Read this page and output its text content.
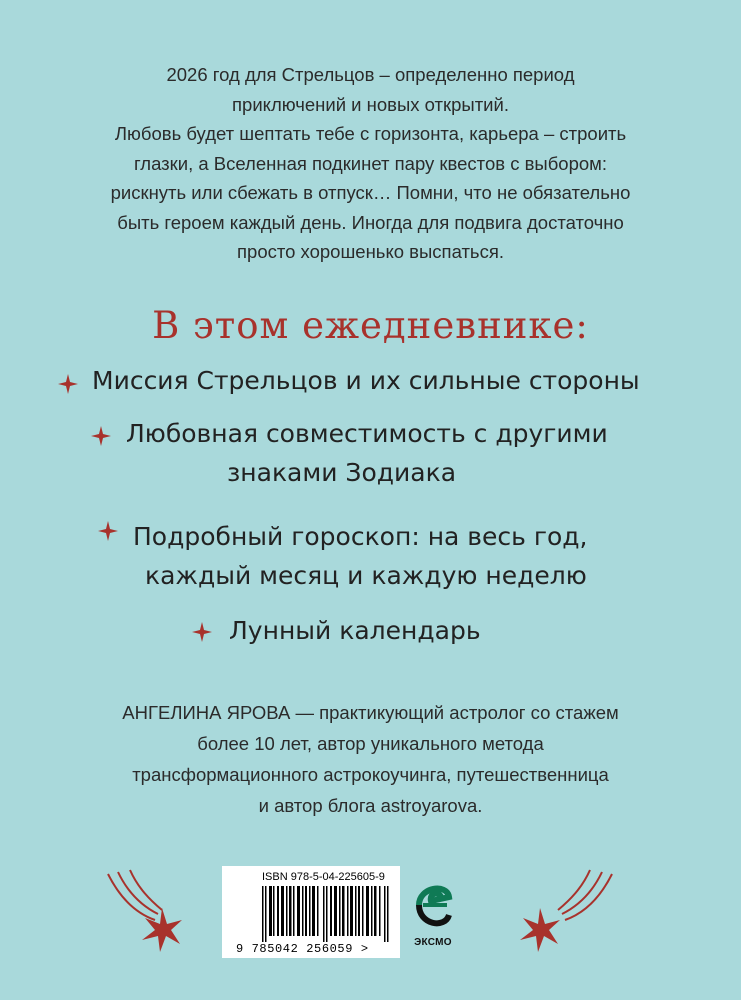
2026 год для Стрельцов – определенно период
приключений и новых открытий.
Любовь будет шептать тебе с горизонта, карьера – строить
глазки, а Вселенная подкинет пару квестов с выбором:
рискнуть или сбежать в отпуск… Помни, что не обязательно
быть героем каждый день. Иногда для подвига достаточно
просто хорошенько выспаться.
В этом ежедневнике:
Миссия Стрельцов и их сильные стороны
Любовная совместимость с другими
знаками Зодиака
Подробный гороскоп: на весь год,
каждый месяц и каждую неделю
Лунный календарь
АНГЕЛИНА ЯРОВА — практикующий астролог со стажем
более 10 лет, автор уникального метода
трансформационного астрокоучинга, путешественница
и автор блога astroyarova.
ISBN 978-5-04-225605-9
9 785042 256059 >	ЭКСМО
